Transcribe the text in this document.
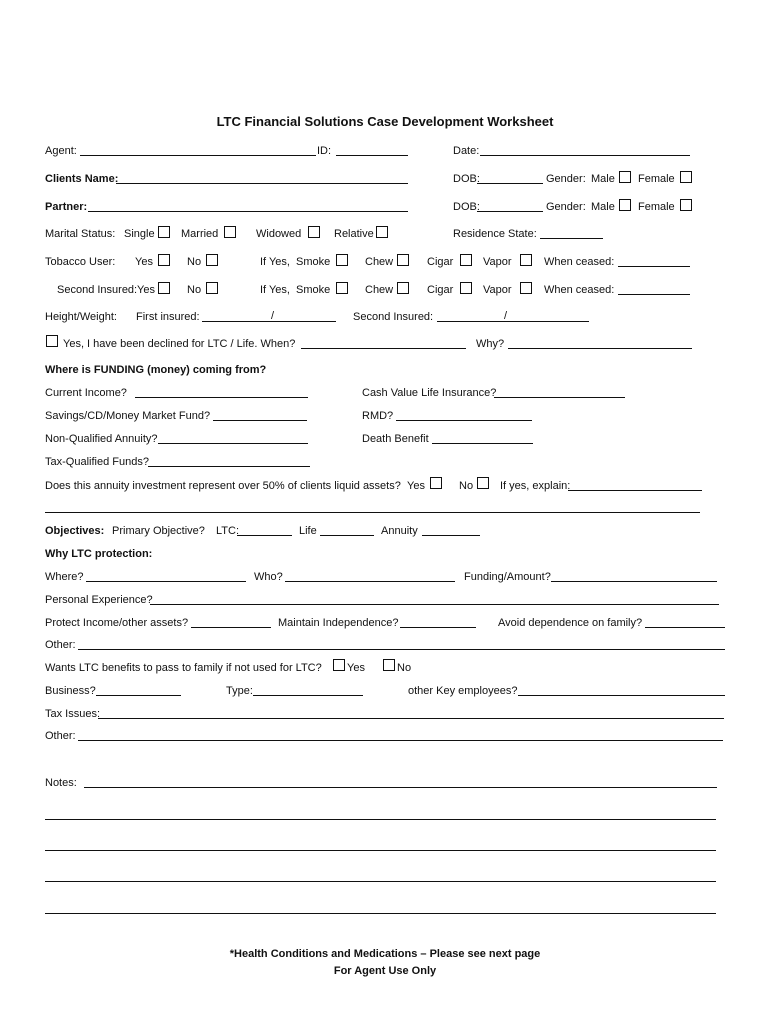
LTC Financial Solutions Case Development Worksheet
Agent:	ID:	Date:
Clients Name:	DOB:	Gender: Male Female
Partner:	DOB:	Gender: Male Female
Marital Status: Single Married	Widowed	Relative	Residence State:
Tobacco User: Yes	No	If Yes, Smoke	Chew	Cigar	Vapor	When ceased:
Second Insured: Yes	No	If Yes, Smoke	Chew	Cigar	Vapor	When ceased:
Height/Weight: First insured:	/	Second Insured:	/
Yes, I have been declined for LTC / Life. When?	Why?
Where is FUNDING (money) coming from?
Current Income?	Cash Value Life Insurance?
Savings/CD/Money Market Fund?	RMD?
Non-Qualified Annuity?	Death Benefit
Tax-Qualified Funds?
Does this annuity investment represent over 50% of clients liquid assets? Yes	No If yes, explain:
Objectives: Primary Objective? LTC:	Life	Annuity
Why LTC protection:
Where?	Who?	Funding/Amount?
Personal Experience?
Protect Income/other assets?	Maintain Independence?	Avoid dependence on family?
Other:
Wants LTC benefits to pass to family if not used for LTC? Yes	No
Business?	Type:	other Key employees?
Tax Issues:
Other:
Notes:
*Health Conditions and Medications – Please see next page
For Agent Use Only
